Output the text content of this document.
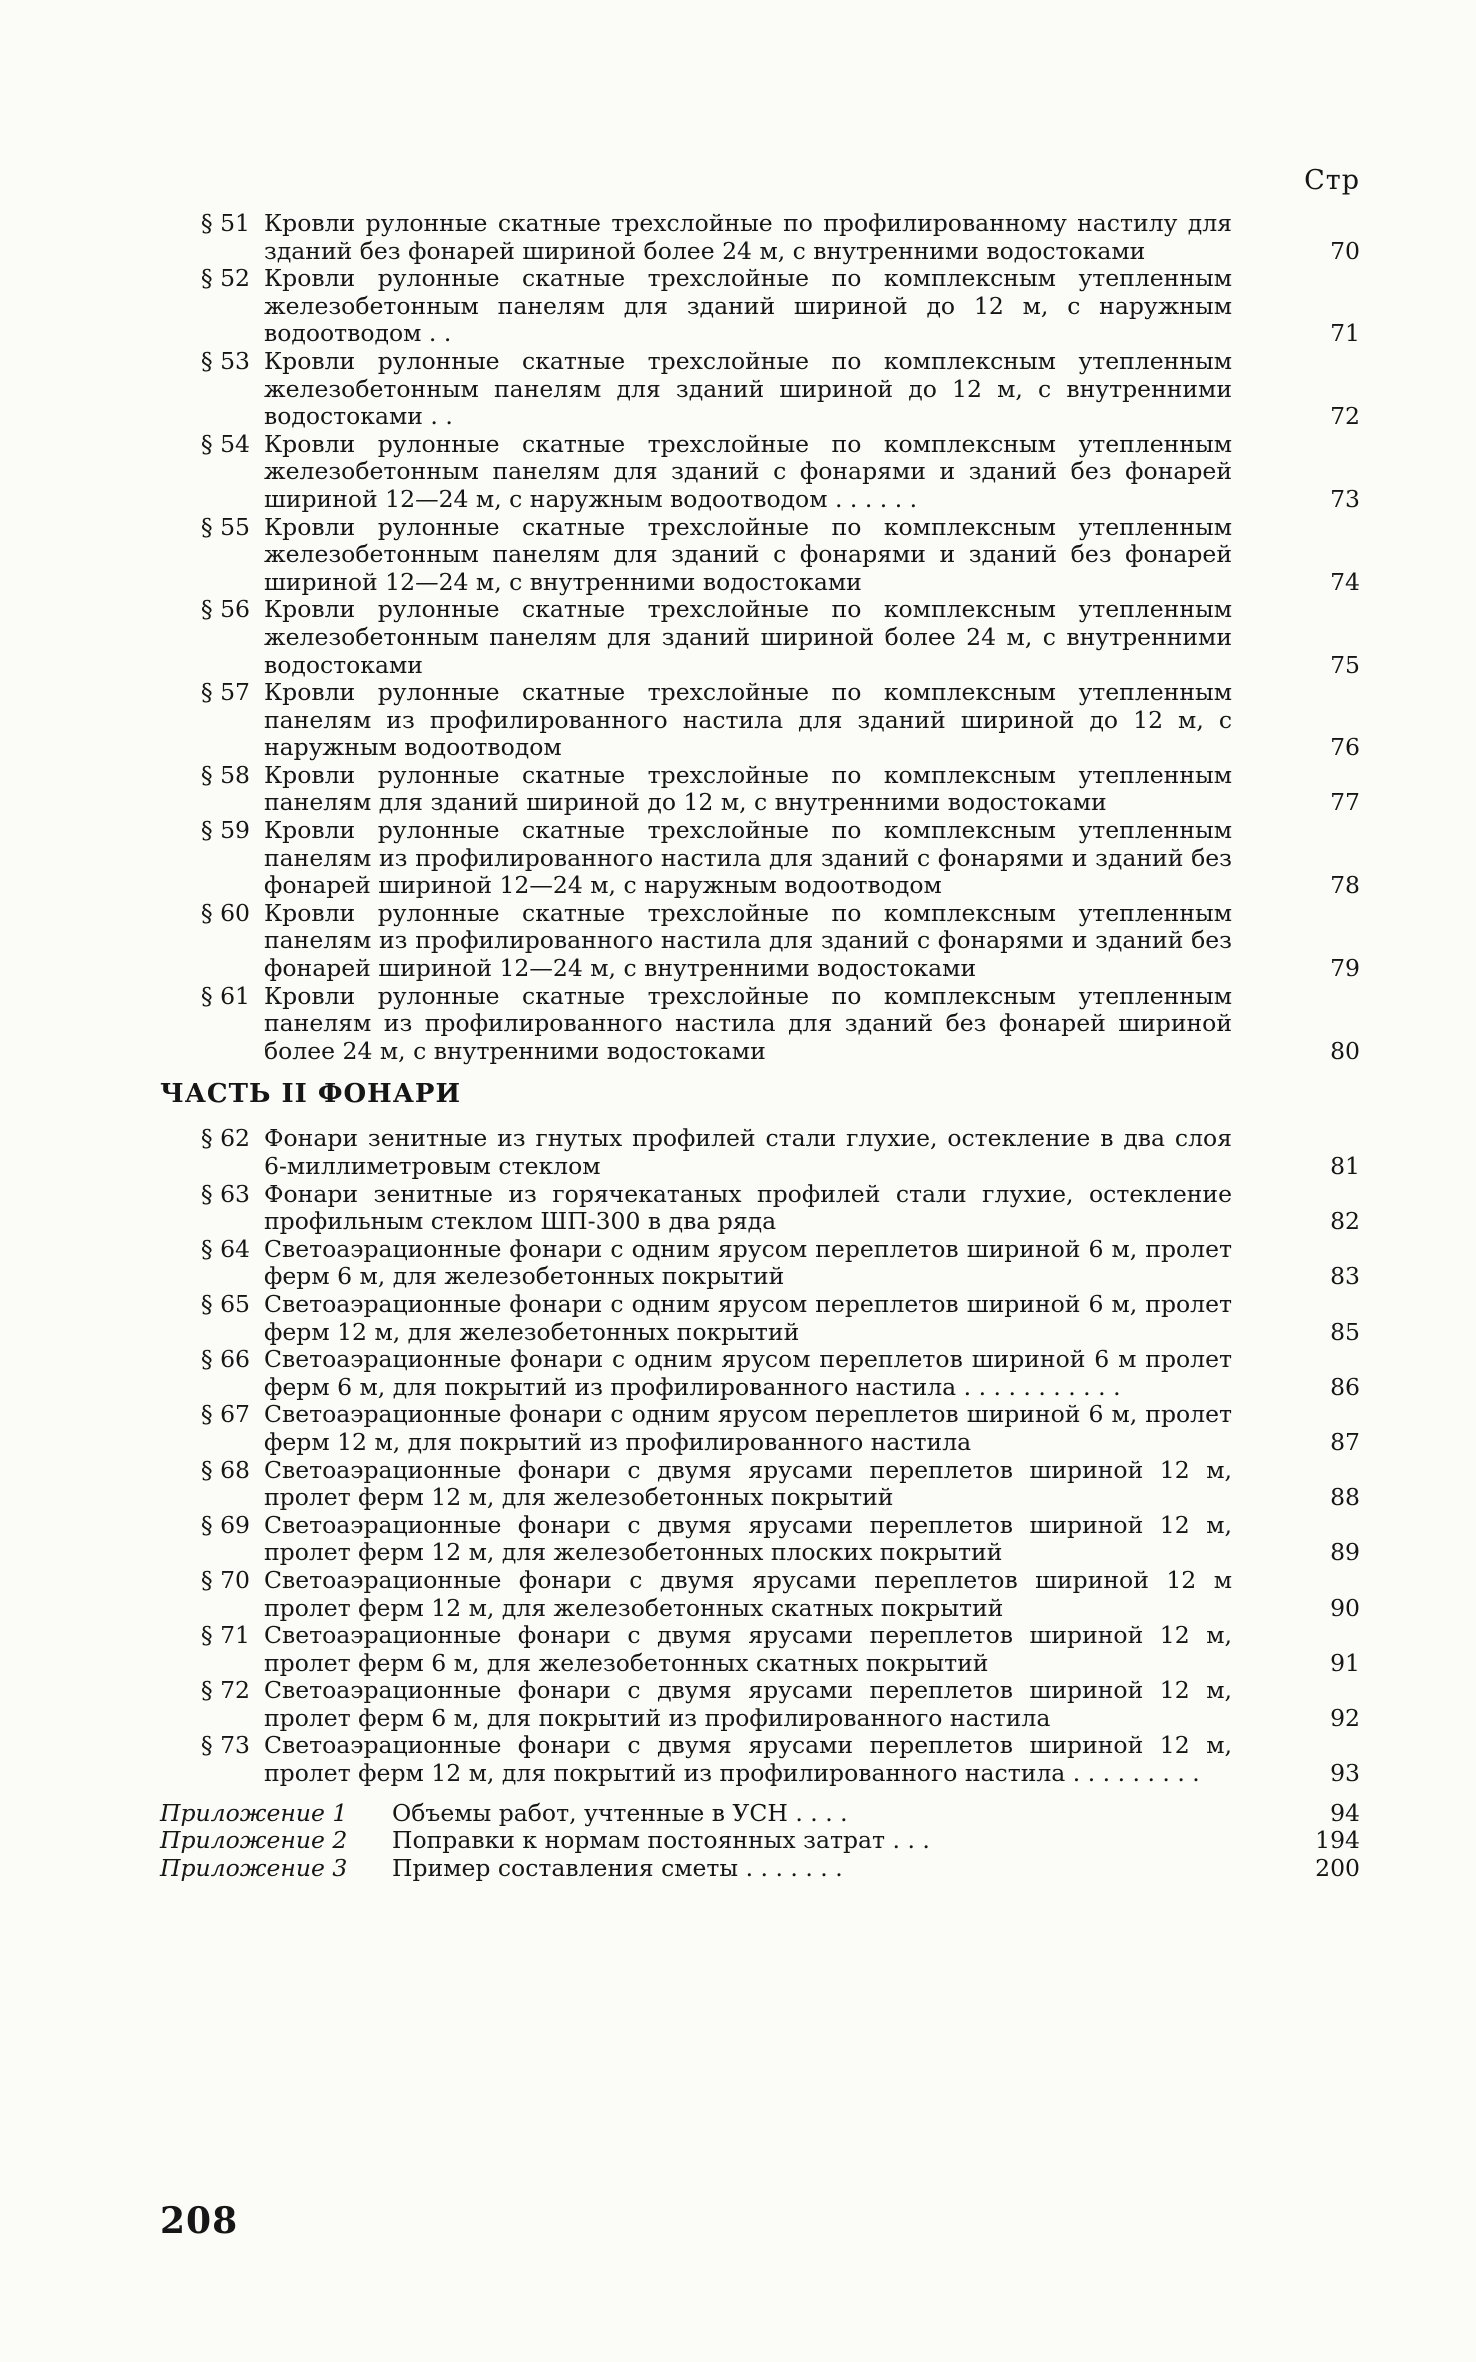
Стр
§ 51 Кровли рулонные скатные трехслойные по профилированному настилу для зданий без фонарей шириной более 24 м, с внутренними водостоками	70
§ 52 Кровли рулонные скатные трехслойные по комплексным утепленным железобетонным панелям для зданий шириной до 12 м, с наружным водоотводом . .	71
§ 53 Кровли рулонные скатные трехслойные по комплексным утепленным железобетонным панелям для зданий шириной до 12 м, с внутренними водостоками . .	72
§ 54 Кровли рулонные скатные трехслойные по комплексным утепленным железобетонным панелям для зданий с фонарями и зданий без фонарей шириной 12—24 м, с наружным водоотводом . . . . . .	73
§ 55 Кровли рулонные скатные трехслойные по комплексным утепленным железобетонным панелям для зданий с фонарями и зданий без фонарей шириной 12—24 м, с внутренними водостоками	74
§ 56 Кровли рулонные скатные трехслойные по комплексным утепленным железобетонным панелям для зданий шириной более 24 м, с внутренними водостоками	75
§ 57 Кровли рулонные скатные трехслойные по комплексным утепленным панелям из профилированного настила для зданий шириной до 12 м, с наружным водоотводом	76
§ 58 Кровли рулонные скатные трехслойные по комплексным утепленным панелям для зданий шириной до 12 м, с внутренними водостоками	77
§ 59 Кровли рулонные скатные трехслойные по комплексным утепленным панелям из профилированного настила для зданий с фонарями и зданий без фонарей шириной 12—24 м, с наружным водоотводом	78
§ 60 Кровли рулонные скатные трехслойные по комплексным утепленным панелям из профилированного настила для зданий с фонарями и зданий без фонарей шириной 12—24 м, с внутренними водостоками	79
§ 61 Кровли рулонные скатные трехслойные по комплексным утепленным панелям из профилированного настила для зданий без фонарей шириной более 24 м, с внутренними водостоками	80
ЧАСТЬ II ФОНАРИ
§ 62 Фонари зенитные из гнутых профилей стали глухие, остекление в два слоя 6-миллиметровым стеклом	81
§ 63 Фонари зенитные из горячекатаных профилей стали глухие, остекление профильным стеклом ШП-300 в два ряда	82
§ 64 Светоаэрационные фонари с одним ярусом переплетов шириной 6 м, пролет ферм 6 м, для железобетонных покрытий	83
§ 65 Светоаэрационные фонари с одним ярусом переплетов шириной 6 м, пролет ферм 12 м, для железобетонных покрытий	85
§ 66 Светоаэрационные фонари с одним ярусом переплетов шириной 6 м пролет ферм 6 м, для покрытий из профилированного настила . . . . . . . . . . .	86
§ 67 Светоаэрационные фонари с одним ярусом переплетов шириной 6 м, пролет ферм 12 м, для покрытий из профилированного настила	87
§ 68 Светоаэрационные фонари с двумя ярусами переплетов шириной 12 м, пролет ферм 12 м, для железобетонных покрытий	88
§ 69 Светоаэрационные фонари с двумя ярусами переплетов шириной 12 м, пролет ферм 12 м, для железобетонных плоских покрытий	89
§ 70 Светоаэрационные фонари с двумя ярусами переплетов шириной 12 м пролет ферм 12 м, для железобетонных скатных покрытий	90
§ 71 Светоаэрационные фонари с двумя ярусами переплетов шириной 12 м, пролет ферм 6 м, для железобетонных скатных покрытий	91
§ 72 Светоаэрационные фонари с двумя ярусами переплетов шириной 12 м, пролет ферм 6 м, для покрытий из профилированного настила	92
§ 73 Светоаэрационные фонари с двумя ярусами переплетов шириной 12 м, пролет ферм 12 м, для покрытий из профилированного настила . . . . . . . . .	93
Приложение 1	Объемы работ, учтенные в УСН . . . .	94
Приложение 2	Поправки к нормам постоянных затрат . . .	194
Приложение 3	Пример составления сметы . . . . . . .	200
208
